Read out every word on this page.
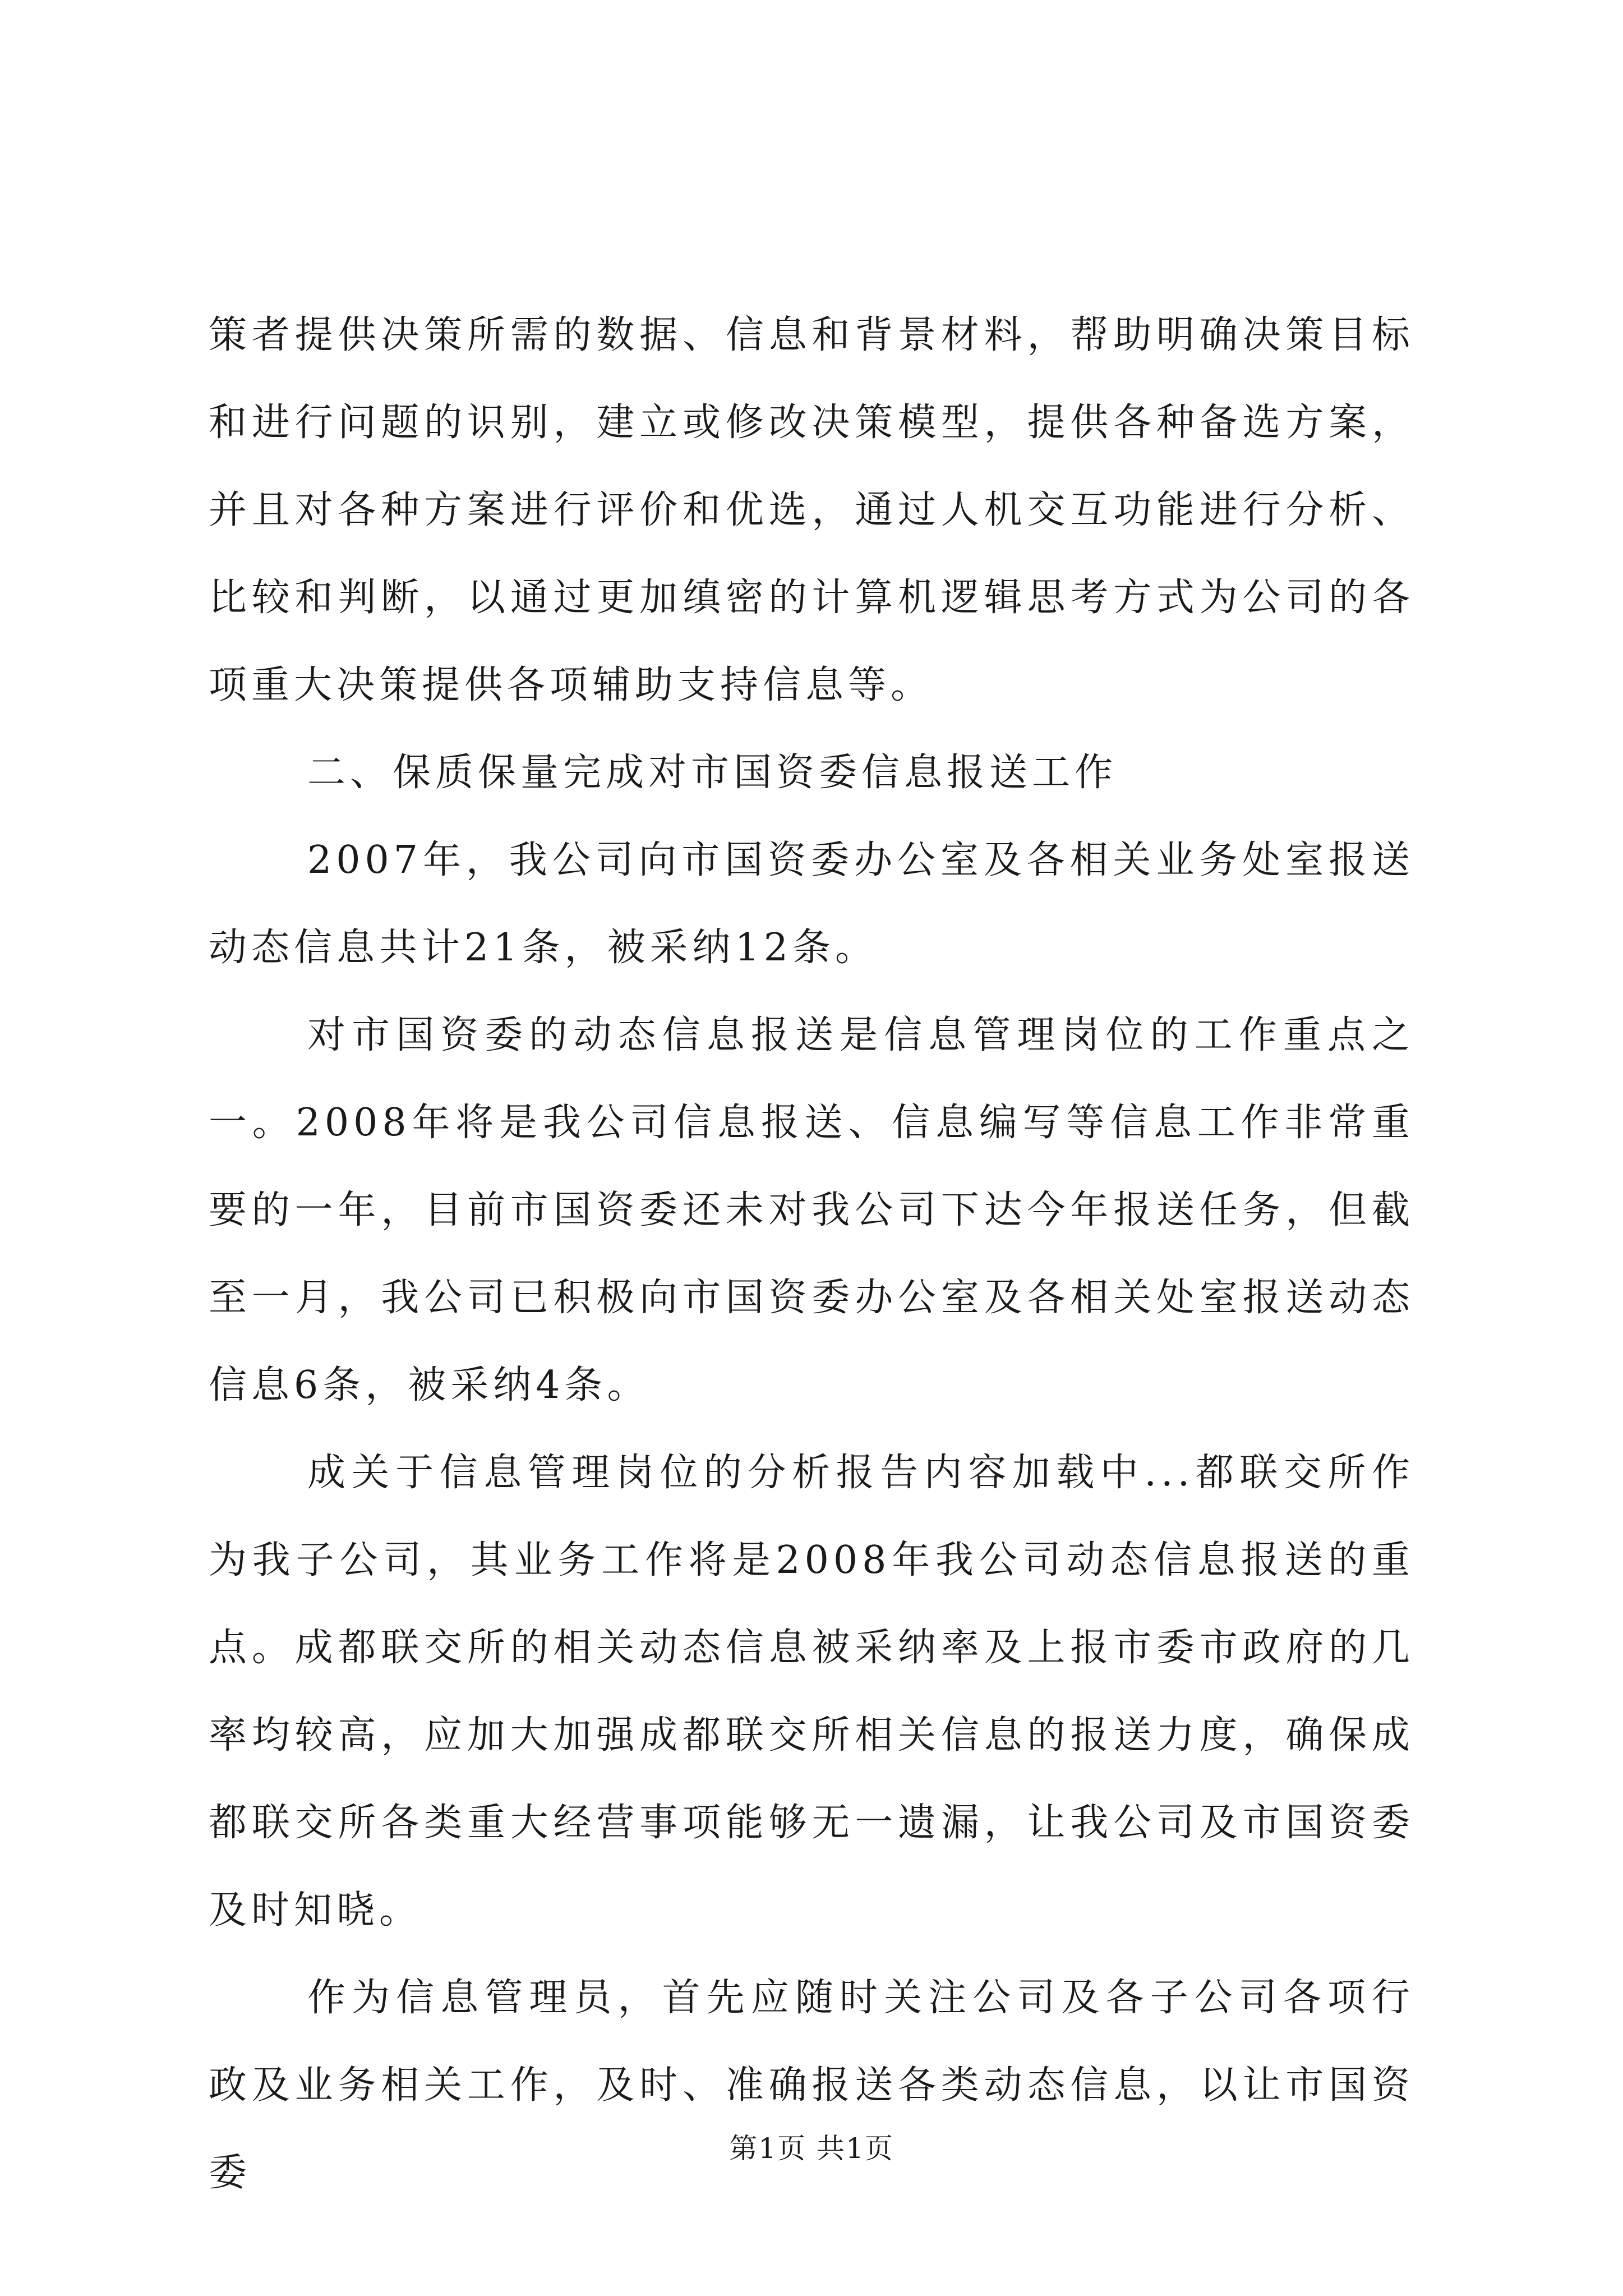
策者提供决策所需的数据、信息和背景材料，帮助明确决策目标和进行问题的识别，建立或修改决策模型，提供各种备选方案，并且对各种方案进行评价和优选，通过人机交互功能进行分析、比较和判断，以通过更加缜密的计算机逻辑思考方式为公司的各项重大决策提供各项辅助支持信息等。

二、保质保量完成对市国资委信息报送工作

2007年，我公司向市国资委办公室及各相关业务处室报送动态信息共计21条，被采纳12条。

对市国资委的动态信息报送是信息管理岗位的工作重点之一。2008年将是我公司信息报送、信息编写等信息工作非常重要的一年，目前市国资委还未对我公司下达今年报送任务，但截至一月，我公司已积极向市国资委办公室及各相关处室报送动态信息6条，被采纳4条。

成关于信息管理岗位的分析报告内容加载中...都联交所作为我子公司，其业务工作将是2008年我公司动态信息报送的重点。成都联交所的相关动态信息被采纳率及上报市委市政府的几率均较高，应加大加强成都联交所相关信息的报送力度，确保成都联交所各类重大经营事项能够无一遗漏，让我公司及市国资委及时知晓。

作为信息管理员，首先应随时关注公司及各子公司各项行政及业务相关工作，及时、准确报送各类动态信息，以让市国资委

第1页 共1页
